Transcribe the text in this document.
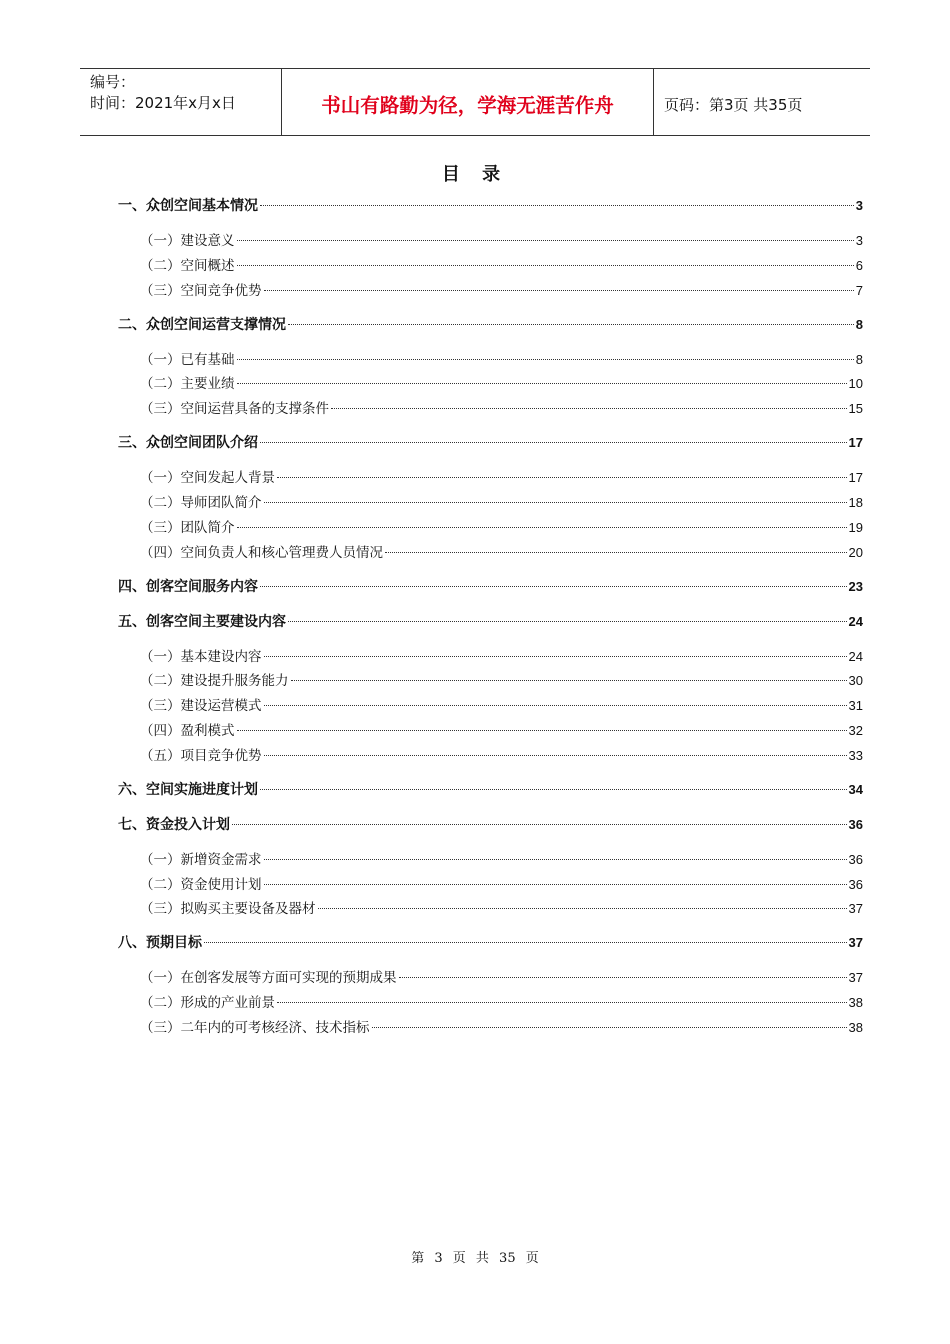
编号：
时间：2021年x月x日	书山有路勤为径，学海无涯苦作舟	页码：第3页 共35页
目 录
一、众创空间基本情况	3
（一）建设意义	3
（二）空间概述	6
（三）空间竞争优势	7
二、众创空间运营支撑情况	8
（一）已有基础	8
（二）主要业绩	10
（三）空间运营具备的支撑条件	15
三、众创空间团队介绍	17
（一）空间发起人背景	17
（二）导师团队简介	18
（三）团队简介	19
（四）空间负责人和核心管理费人员情况	20
四、创客空间服务内容	23
五、创客空间主要建设内容	24
（一）基本建设内容	24
（二）建设提升服务能力	30
（三）建设运营模式	31
（四）盈利模式	32
（五）项目竞争优势	33
六、空间实施进度计划	34
七、资金投入计划	36
（一）新增资金需求	36
（二）资金使用计划	36
（三）拟购买主要设备及器材	37
八、预期目标	37
（一）在创客发展等方面可实现的预期成果	37
（二）形成的产业前景	38
（三）二年内的可考核经济、技术指标	38
第 3 页 共 35 页
